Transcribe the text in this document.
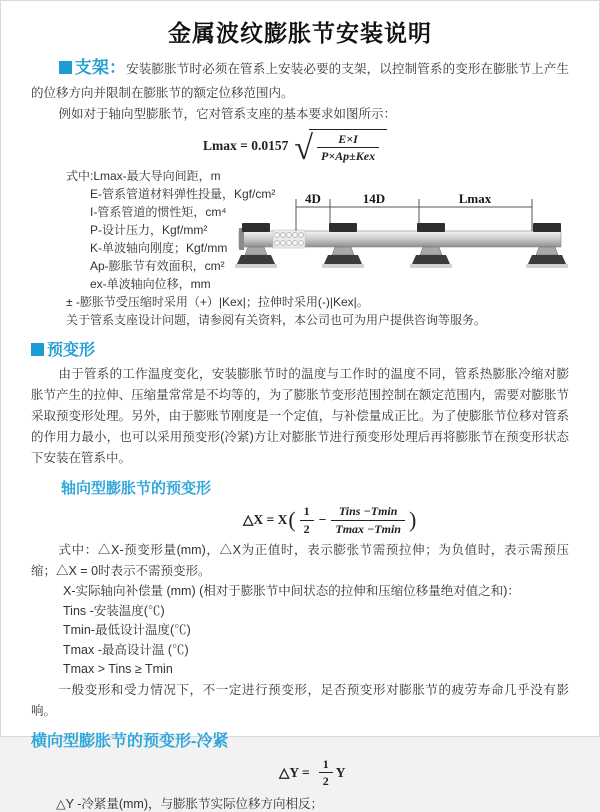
金属波纹膨胀节安装说明

支架：安装膨胀节时必须在管系上安装必要的支架，以控制管系的变形在膨胀节上产生的位移方向并限制在膨胀节的额定位移范围内。

例如对于轴向型膨胀节，它对管系支座的基本要求如图所示：

Lmax = 0.0157 √ $\frac{E\times I}{\text{P×Ap±Kex}}$
式中:Lmax-最大导向间距，m
E-管系管道材料弹性投量，Kgf/cm²
I-管系管道的惯性矩，cm⁴
P-设计压力，Kgf/mm²
K-单波轴向刚度；Kgf/mm
Ap-膨胀节有效面积，cm²
ex-单波轴向位移，mm
± -膨胀节受压缩时采用（+）|Kex|；拉伸时采用(-)|Kex|。
关于管系支座设计问题，请参阅有关资料，本公司也可为用户提供咨询等服务。
4D	14D	Lmax
预变形

由于管系的工作温度变化，安装膨胀节时的温度与工作时的温度不同，管系热膨胀冷缩对膨胀节产生的拉伸、压缩量常常是不均等的，为了膨胀节变形范围控制在额定范围内，需要对膨胀节采取预变形处理。另外，由于膨账节刚度是一个定值，与补偿量成正比。为了使膨胀节位移对管系的作用力最小，也可以采用预变形(冷紧)方让对膨胀节进行预变形处理后再将膨胀节在预变形状态下安装在管系中。

轴向型膨胀节的预变形
△X = X ( $\frac{1}{2} - \frac{\text{Tins −Tmin}}{Tmax -Tmin}$ )

式中：△X-预变形量(mm)，△X为正值时，表示膨张节需预拉伸；为负值时，表示需预压缩；△X = 0时表示不需预变形。

X-实际轴向补偿量 (mm) (相对于膨胀节中间状态的拉伸和压缩位移量绝对值之和)：
Tins -安装温度(℃)
Tmin-最低设计温度(℃)
Tmax -最高设计温 (℃)
Tmax > Tins ≥ Tmin

一般变形和受力情况下，不一定进行预变形，足否预变形对膨胀节的疲劳寿命几乎没有影响。

横向型膨胀节的预变形-冷紧
△Y = $\frac{1}{2}$ Y
△Y -冷紧量(mm)，与膨胀节实际位移方向相反；
